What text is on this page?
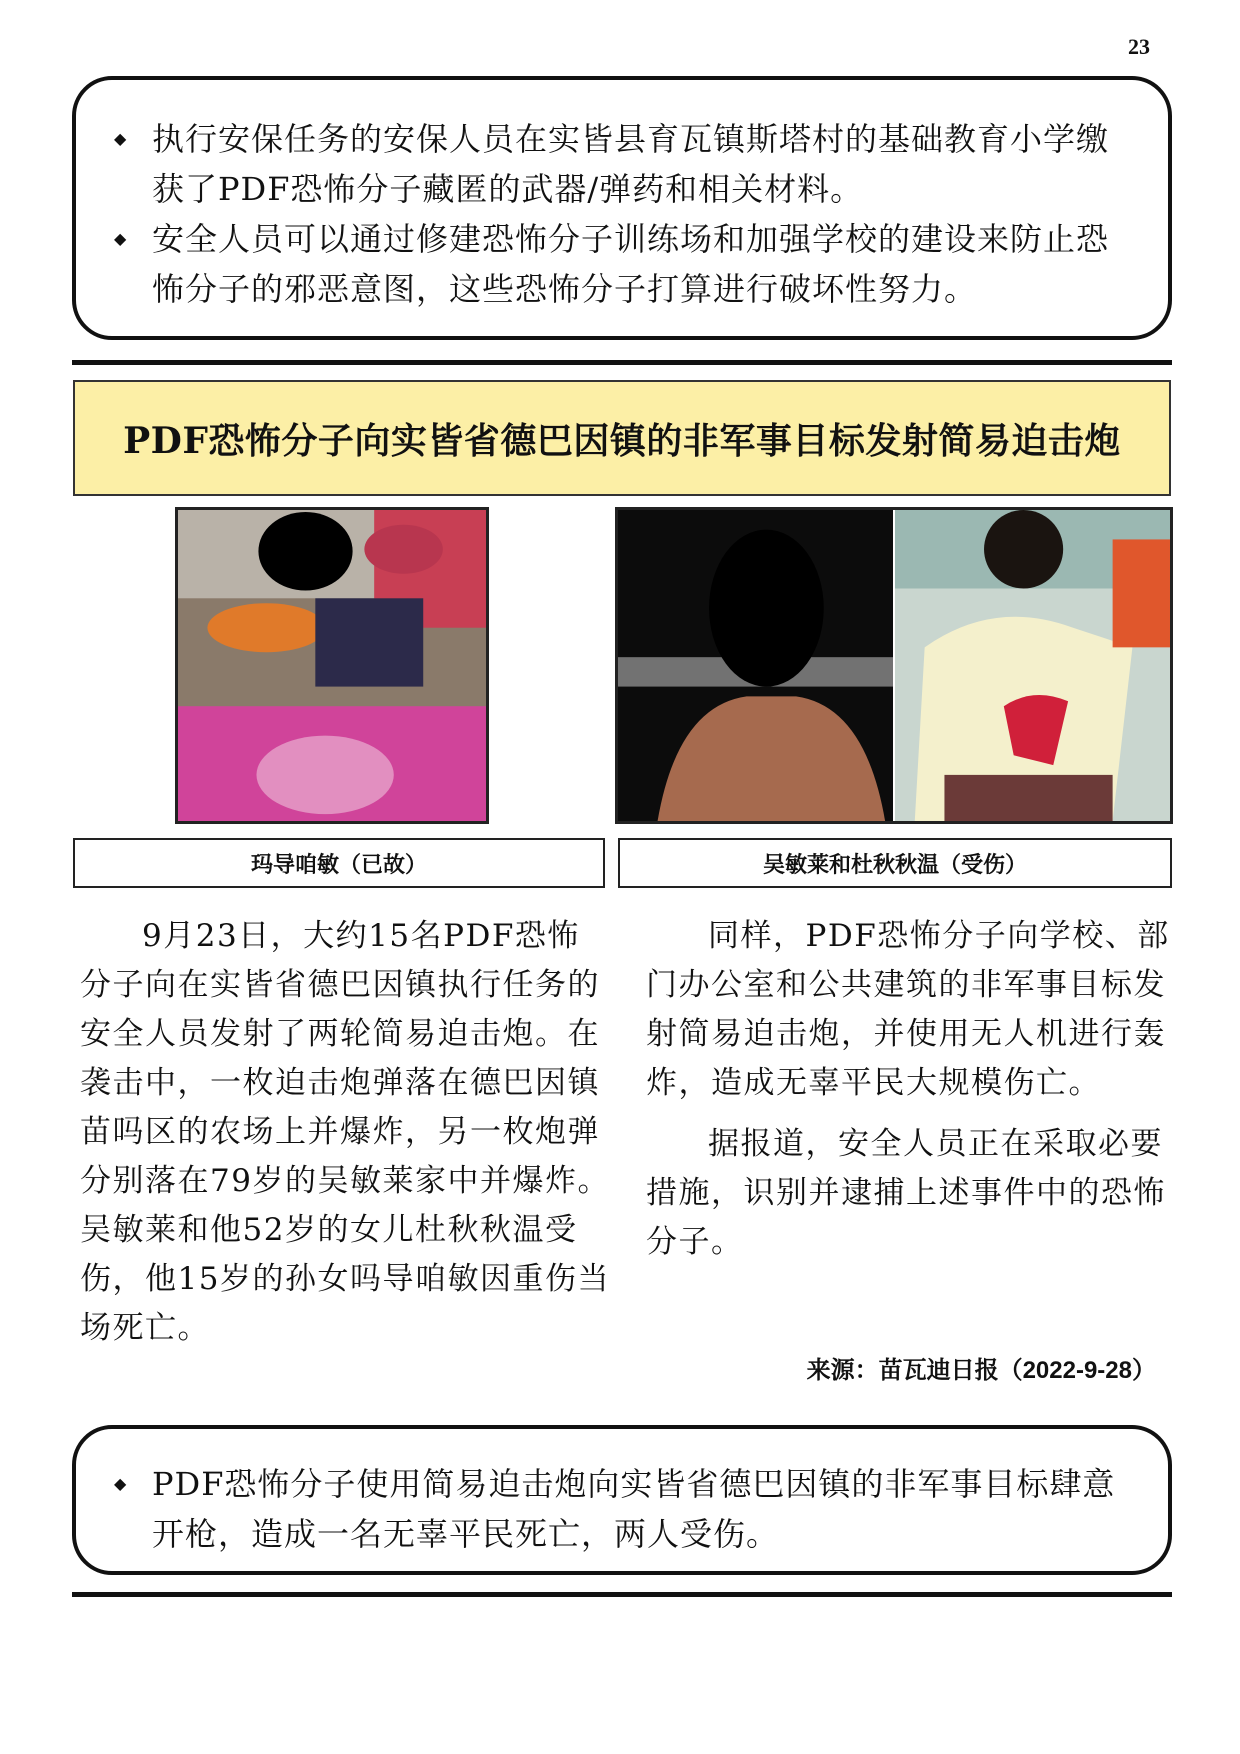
23
◆ 执行安保任务的安保人员在实皆县育瓦镇斯塔村的基础教育小学缴获了PDF恐怖分子藏匿的武器/弹药和相关材料。
◆ 安全人员可以通过修建恐怖分子训练场和加强学校的建设来防止恐怖分子的邪恶意图，这些恐怖分子打算进行破坏性努力。
PDF恐怖分子向实皆省德巴因镇的非军事目标发射简易迫击炮
玛导咱敏（已故）	吴敏莱和杜秋秋温（受伤）

9月23日，大约15名PDF恐怖分子向在实皆省德巴因镇执行任务的安全人员发射了两轮简易迫击炮。在袭击中，一枚迫击炮弹落在德巴因镇苗吗区的农场上并爆炸，另一枚炮弹分别落在79岁的吴敏莱家中并爆炸。吴敏莱和他52岁的女儿杜秋秋温受伤，他15岁的孙女吗导咱敏因重伤当场死亡。

同样，PDF恐怖分子向学校、部门办公室和公共建筑的非军事目标发射简易迫击炮，并使用无人机进行轰炸，造成无辜平民大规模伤亡。

据报道，安全人员正在采取必要措施，识别并逮捕上述事件中的恐怖分子。

来源：苗瓦迪日报（2022-9-28）
◆ PDF恐怖分子使用简易迫击炮向实皆省德巴因镇的非军事目标肆意开枪，造成一名无辜平民死亡，两人受伤。
